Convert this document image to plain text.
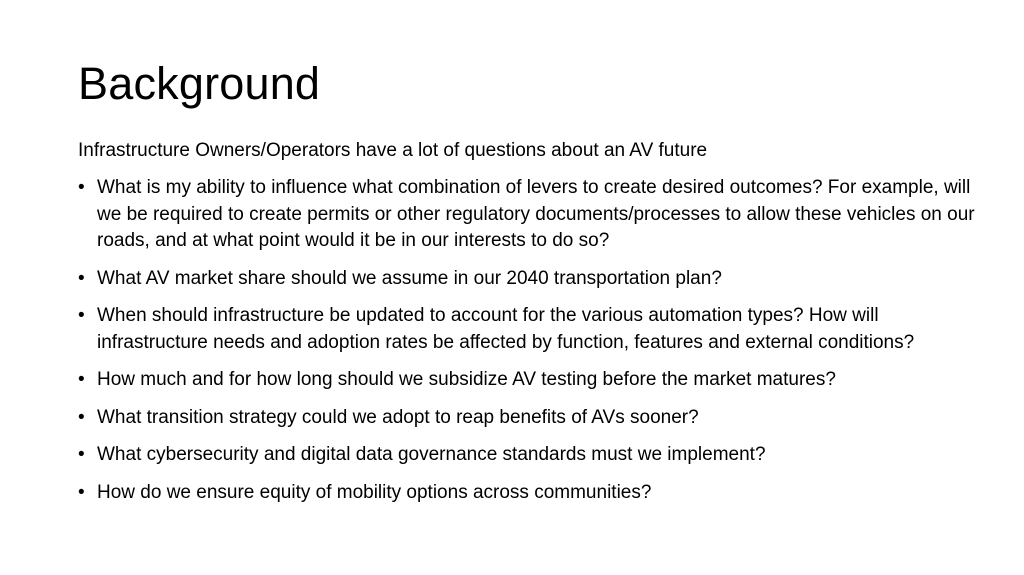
Background

Infrastructure Owners/Operators have a lot of questions about an AV future

• What is my ability to influence what combination of levers to create desired outcomes? For example, will we be required to create permits or other regulatory documents/processes to allow these vehicles on our roads, and at what point would it be in our interests to do so?
• What AV market share should we assume in our 2040 transportation plan?
• When should infrastructure be updated to account for the various automation types? How will infrastructure needs and adoption rates be affected by function, features and external conditions?
• How much and for how long should we subsidize AV testing before the market matures?
• What transition strategy could we adopt to reap benefits of AVs sooner?
• What cybersecurity and digital data governance standards must we implement?
• How do we ensure equity of mobility options across communities?
